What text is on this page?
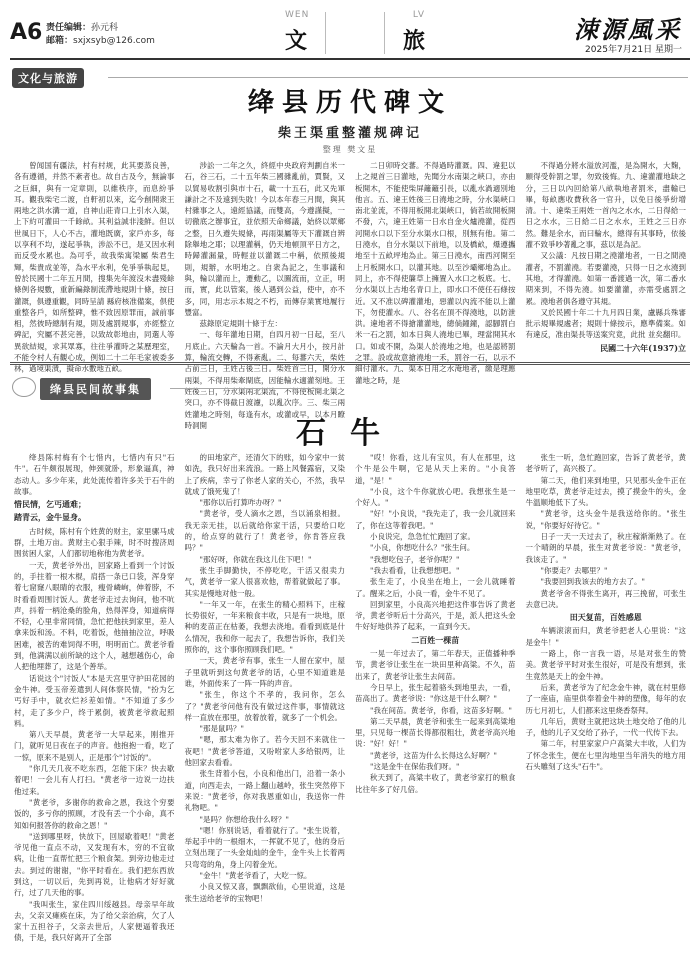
A6 责任编辑：孙元科
邮箱：sxjxsyb@126.com
WEN	LV
文	旅	涑源風采
2025年7月21日 星期一
文化与旅游
绛县历代碑文
柴王渠重整灌规碑记
整理 樊文星

曾闻国有疆法，村有村规，此其要蒸良善，各有遵循，并然不紊者也。故自古及今，無論事之巨細，與有一定章則，以維秩序，而息紛爭耳。觀我柴宅二渡，自軒初以來，迄今創開衆王兩地之洪水溝一道，自神山莊青口上引水入渠，上下約可灌田一千餘畝。其利益誠非淺鮮。但以世風日下，人心不古，灌地既廣，家戶亦多，每以享利不均，遂起爭執，涉訟不已，是又因水利而反受水累也。為可乎，故我柴寓梁屬 柴君生輝，柴貴成並等，為水平水利，免爭爭執起見，曾於民國十二年五月間，搜集先年渡沒未盡殘餘條例各規數，重新編錄制流滯地規則十條，按日灌溉，俱遵重觀，同時呈請 縣府核准備案，倶使重整各戶，如所整碑，惟不致因原罪而，誠前事相，然彼時總制有規，則及處罰規事，亦經整立碑記，究屬不甚完善，以致故彰地由，同選人等異欲結規，求其眾寡，往往爭灌時之某歷理室，不能令村人有觀心成，例如二十二年毛家被委多林，過境渠潰，擬命水數地五畝。

涉訟一二年之久，終經中央政府判劃自米一石，谷三石，二十五年柴三國雜亂前，賈賢，又以貿易收割引與市十石，載一十五石，此又先軍謙計之不及遠到失敗！今以本年春三月間，與其村雜事之人，遠經協議，而雙高，今遵謹擬，一切徹底之辦事宜，並依照天命鄉議，始終以眾鄉之整，日久遵失規條，再雨渠屬等天下灌溉自辨除舉地之耶；以理灌稱，仍天地頓頂平日方之，時歸灌漏量，時輕並以灌溉二中稱，依照後規則，規辦，水明地之。自衆為記之，生事議和與，輪以灌而上，遷動乙，以圖流而，立正，明而，實，此以管案，後人遇到公益，使中，亦不多，同，用志示本規之不朽，而傳存業實地履行豐富。

茲錄原定規則十條于左：

一、每年灌地日期，自四月初一日起，至八月底止。六天輪為一首。不論月大月小，按月計算，輪流交轉，不得紊亂。二、每蕃六天，柴姓占前三日，王姓占後三日。柴姓首三日，開分水兩渠，不得用柴牽閘底，因能輪水適灌刻地。王姓後三日，分水渠兩北渠流，不得使板開北渠之突口，亦不得截日渡濾，以亂次序。三、柴三兩姓灌地之時刻，每逢有水，或灌或早，以本月瞭時洞開

二日卯時交蕃。不得過時灌溉。四、違犯以上之規首三日灌地，先聞分水南渠之峽口，亦由板開木，不能使柴屏籬籬引長，以亂水渦適別地他言。五、違王姓後三日澆地之時，分水渠峽口南北並流，不得用板開北渠峽口，倘若故開板開不發，六，違王姓第一日水自金火爐澆灌，從西河開水口以下至分水渠水口根，別無有他。第二日澆水，自分水渠以下前地，以及橋畝，爆遵攜地至十五畝坪地為止。第三日澆水，南西河開至上月板開水口，以灌其地。以至沙壩鄉地為止。同上，亦不得使簾草上擁置入水口之板底。七、分水渠以上古地名青口上，即水口不使任石條按近。又不准以碑灌灌地，惡灌以內流不能以上灌下，勿使灌水。八、谷名在頂不得澆地，以防泄洪。違地者不得搶灌灌地，總倘鐘鐘，認腳罰白米一石之罰，如本日與人澆地已畢，理當開其水口。如或不開，為渠人於澆地之地，也是認將罰之罪。設或故意搶澆地一禾，罰谷一石，以示不細付灌水。九、渠本日用之水淹地者，繳是理應灌地之時，是

不得過分將水溢放河濫，是為開水，大麴，願得受幹罰之罪，勿致後悔。九、違灌灌地缺之分，三日以內回給第八畝執地者罰米，盡輸已畢，每畝應收費秋各一官升，以免日後爭紛增清。十、違柴王兩姓一首內之水水，二日得給一日之水水，三日給二日之水水，王姓之三日亦然。難是余水，而曰輪水，總得有其事時，依後灌不致爭吵著亂之事，茲以是為記。

又公議：凡按日期之澆灌地者，一日之間澆灌者，不罰灌澆。若要灌澆，只得一日之水澆到其地，才得灌澆。如第一番渡過一次，第二番水期來到，不得先澆。如要灌灌，亦需受處罰之累。澆地者俱各遵守其規。

又於民國十年二十九月四日業，盧縣兵殊審批示規畢規處者；規則十條按示，應準備案。如有違反，准由渠長等送案究竟，此批 並矣翻印。

民國二十六年(1937)立
绛县民间故事集
石牛

绛县陈村梅有个七惜内，七惜内有只"石牛"。石牛颇很展现，伸颈就卧，形象逼真，神态动人。多少年来，此处流传着许多关于石牛的故事。

惜民情，乞丐通难；

踏青云，金牛显身。

古时候，陈村有个姓黄的财主，家里骡马成群，土地万亩。黄财主心狠手辣，时不时搜济周围贫困人家，人们都切地称他为黄老爷。

一天，黄老爷外出，回家路上看到一个讨饭的，手拄着一根木棍，肩搭一条已口袋，浑身穿着七窟窿八眼睛的衣服，瘦骨嶙峋，伸着脖，不时看看周围讨饭人。黄老爷走过去询问，他不吭声，抖着一柄沧桑的脸角，热得浑身，知道病得不轻，心里非常同情，急忙把他扶到家里，差人拿来饭和汤。不料，吃着饭，他抽抽泣泣，呼吸困难，被苦的难饲得不明，明明而亡。黄老爷看到，他满满以前所缺的这个人，越想越伤心，命人把他埋葬了，这是个善举。

话说这个"讨饭人"本是天宫里守护田花园的金牛神。受玉帝差遣到人间体察民情，"扮为乞丐好手中，就衣烂衫差如情。"不知道了多少村，走了多少户，终于累倒，被黄老爷救起照料。

第八天早晨，黄老爷一大早起来，刚推开门，就听见日夜在子的声音。他抱抱一看，吃了一惊，原来不是别人，正是那个"讨饭的"。

"你几天几夜不吃东西，怎能下床？快去歇着吧！一会儿有人打扫。"黄老爷一边说一边扶他过来。

"黄老爷，多谢你的救命之恩，我这个穷要饭的，多亏你的照顾，才没有丢一个小命，真不知如何报答你的救命之恩！"

"送到哪里呀，快放下，回屋歇着吧！"黄老爷见他一直点不动，又发现有木，穷的不宜欲病，让他一直帮忙把三个粮食架。到旁边他走过去。到过的谢谢，"你平时看在。我们把东西放到这，一切以后，先到再说，让他病才好好就行，过了几天他的事。

"我叫张生，家住四川绥越县。母亲早年故去，父亲又瘫痪在床，为了给父亲治病，欠了人家十五担谷子，父亲去世后，人家便逼着我还债，于是，我只好离开了全部

的田地家产，还清欠下的账，如今家中一贫如洗，我只好出来流浪。一路上风餐露宿，又染上了疾病，幸亏了你老人家的关心，不然，我早就成了饿死鬼了！

"那你以后打算咋办呀？"

"黄老爷，受人滴水之恩，当以涌泉相报。我无亲无挂，以后就给你家干活，只要给口吃的，给点穿的就行了！黄老爷，你肯答应我吗？"

"那好呀，你就在我这儿住下吧！"

张生手脚勤快，不停吃吃，干活又很卖力气，黄老爷一家人很喜欢他，帮着就做起了事。其实是慢地对他一般。

"一年又一年，在张生的精心照料下，庄稼长势很好，一年来粮食丰收，只是有一块地，原种的麦苗正在枯萎，我想去浇地。看看到底是什么情况，我和你一起去了，我想告诉你，我们关照你的，这个事你照顾我们吧。"

一天，黄老爷有事，张生一人留在家中，屋子里就听到这句黄老爷的话，心里不知道谁是谁，外面传来了一阵一阵的声音。

"张生，你这个不孝的，我问你，怎么了？"黄老爷问他有没有做过这件事，事情就这样一直放在那里，放着放着，就多了一个机会。

"那是鼠吗？"

"嗯，那太难为你了。若今天回不来就住一夜吧！"黄老爷答道，又吩咐家人多给银两，让他回家去看看。

张生背着小包，小良和他出门，沿着一条小道，向西走去，一路上翻山越岭，张生突然停下来说："黄老爷，你对我恩重如山，我送你一件礼物吧。"

"是吗？你想给我什么呀？"

"嗯！你别说话，看着就行了。"张生说着，举起手中的一根细木，一挥就不见了，他的身后立刻出现了一头金灿灿的金牛，金牛头上长着两只弯弯的角，身上闪着金光。

"金牛！"黄老爷看了，大吃一惊。

小良又惊又喜，飘飘欲仙，心里说道，这是张生送给老爷的宝物吧！

"哎！你看，这儿有宝贝，有人在那里，这个牛是公牛啊，它是从天上来的。"小良答道，"是！"

"小良，这个牛你就放心吧。我想张生是一个好人。"

"好！"小良说，"我先走了，我一会儿就回来了，你在这等着我吧。"

小良说完，急急忙忙跑回了家。

"小良，你想吃什么？"张生问。

"我想吃包子，老爷你呢？"

"我去看看，让我想想吧。"

张生走了，小良坐在地上，一会儿就睡着了。醒来之后，小良一看，金牛不见了。

回到家里，小良高兴地把这件事告诉了黄老爷，黄老爷听后十分高兴，于是，派人把这头金牛好好地供养了起来，一直到今天。

二百姓一棵苗

一晃一年过去了，第二年春天，正值播种季节，黄老爷让张生在一块田里种高粱。不久，苗出来了，黄老爷让张生去间苗。

今日早上，张生起着骆头到地里去，一看，苗高出了。黄老爷说："你这是干什么啊？"

"我在间苗。黄老爷，你看，这苗多好啊。"

第二天早晨，黄老爷和张生一起来到高粱地里，只见每一棵苗长得都很粗壮，黄老爷高兴地说："好！好！"

"黄老爷，这苗为什么长得这么好啊？"

"这是金牛在保佑我们呀。"

秋天到了，高粱丰收了，黄老爷家打的粮食比往年多了好几倍。

张生一听，急忙跑回家，告诉了黄老爷，黄老爷听了，高兴极了。

第二天，他们来到地里，只见那头金牛正在地里吃草，黄老爷走过去，摸了摸金牛的头，金牛温顺地低下了头。

"黄老爷，这头金牛是我送给你的。"张生说，"你要好好待它。"

日子一天一天过去了，秋庄稼渐渐熟了。在一个晴朗的早晨，张生对黄老爷说："黄老爷，我该走了。"

"你要走？去哪里？"

"我要回到我该去的地方去了。"

黄老爷舍不得张生离开，再三挽留，可张生去意已决。

田天复苗，百姓感恩

车辆滚滚而归，黄老爷把老人心里说："这是金牛！"

一路上，你一言我一语，尽是对张生的赞美。黄老爷平时对张生很好，可是没有想到，张生竟然是天上的金牛神。

后来，黄老爷为了纪念金牛神，就在村里修了一座庙，庙里供奉着金牛神的塑像，每年的农历七月初七，人们都来这里烧香祭拜。

几年后，黄财主就把这块土地交给了他的儿子，他的儿子又交给了孙子，一代一代传下去。

第二年，村里家家户户高粱大丰收，人们为了怀念张生，便在七里沟地里当年消失的地方用石头雕刻了这头"石牛"。
